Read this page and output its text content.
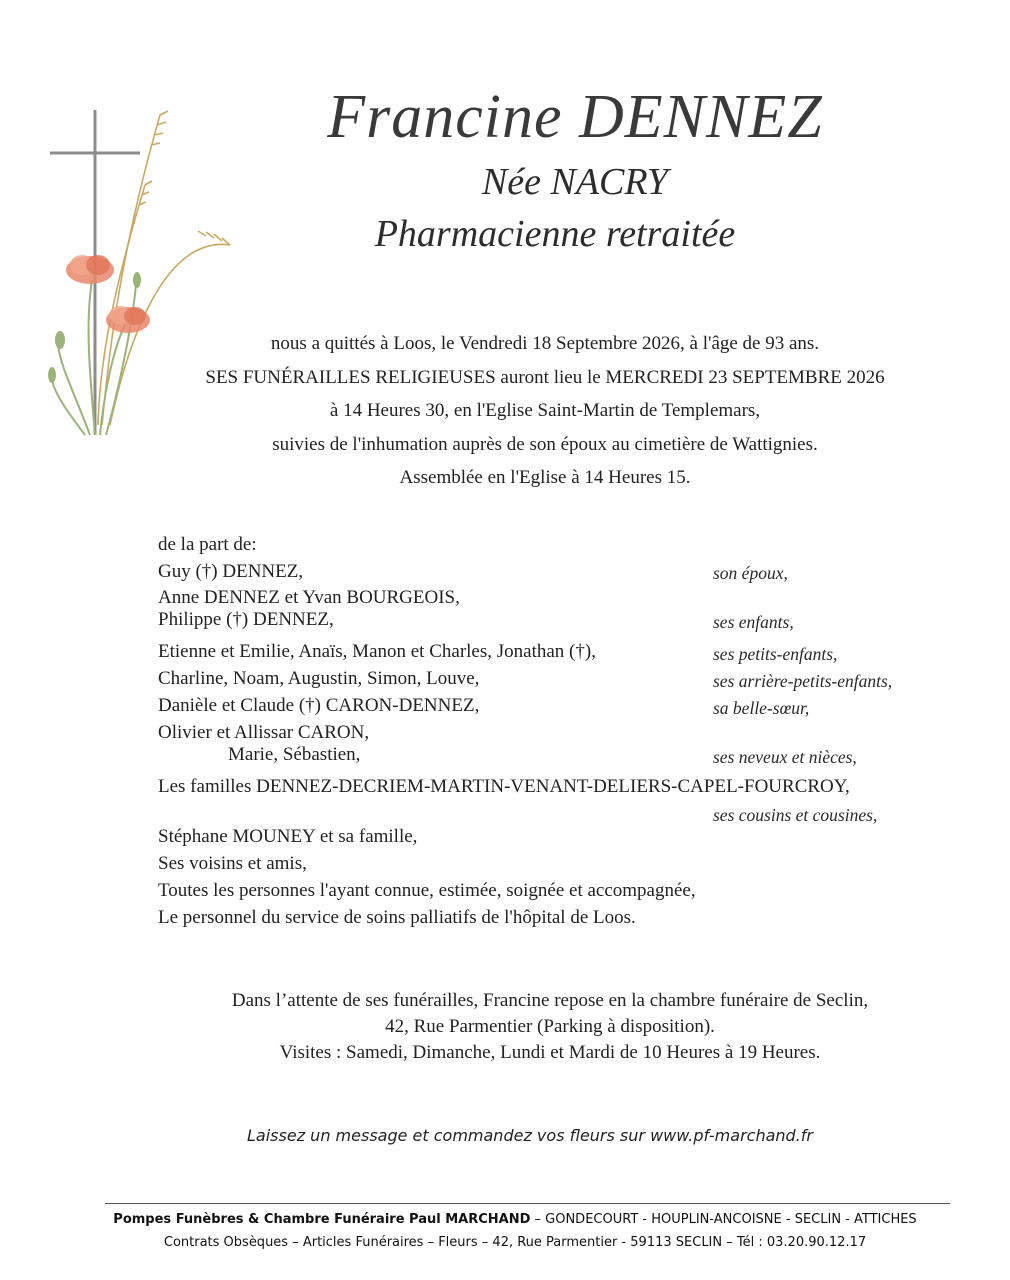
Francine DENNEZ
Née NACRY
Pharmacienne retraitée
nous a quittés à Loos, le Vendredi 18 Septembre 2026, à l'âge de 93 ans.
SES FUNÉRAILLES RELIGIEUSES auront lieu le MERCREDI 23 SEPTEMBRE 2026
à 14 Heures 30, en l'Eglise Saint-Martin de Templemars,
suivies de l'inhumation auprès de son époux au cimetière de Wattignies.
Assemblée en l'Eglise à 14 Heures 15.
de la part de:
Guy (†) DENNEZ,
Anne DENNEZ et Yvan BOURGEOIS,
Philippe (†) DENNEZ,
Etienne et Emilie, Anaïs, Manon et Charles, Jonathan (†),
Charline, Noam, Augustin, Simon, Louve,
Danièle et Claude (†) CARON-DENNEZ,
Olivier et Allissar CARON,
Marie, Sébastien,
Les familles DENNEZ-DECRIEM-MARTIN-VENANT-DELIERS-CAPEL-FOURCROY,
Stéphane MOUNEY et sa famille,
Ses voisins et amis,
Toutes les personnes l'ayant connue, estimée, soignée et accompagnée,
Le personnel du service de soins palliatifs de l'hôpital de Loos.
son époux,
ses enfants,
ses petits-enfants,
ses arrière-petits-enfants,
sa belle-sœur,
ses neveux et nièces,
ses cousins et cousines,
Dans l’attente de ses funérailles, Francine repose en la chambre funéraire de Seclin,
42, Rue Parmentier (Parking à disposition).
Visites : Samedi, Dimanche, Lundi et Mardi de 10 Heures à 19 Heures.
Laissez un message et commandez vos fleurs sur www.pf-marchand.fr
Pompes Funèbres & Chambre Funéraire Paul MARCHAND – GONDECOURT - HOUPLIN-ANCOISNE - SECLIN - ATTICHES
Contrats Obsèques – Articles Funéraires – Fleurs – 42, Rue Parmentier - 59113 SECLIN – Tél : 03.20.90.12.17
